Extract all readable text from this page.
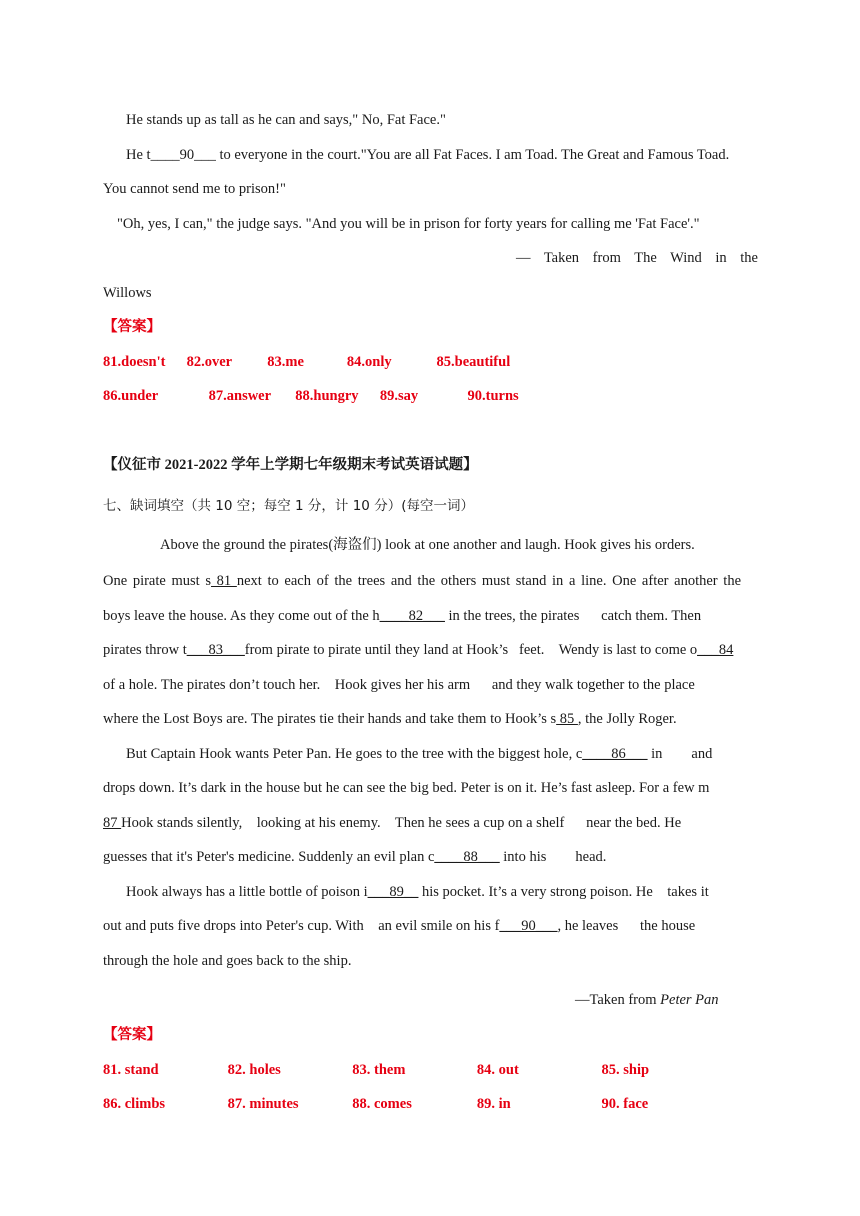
He stands up as tall as he can and says," No, Fat Face."
He t____90___ to everyone in the court."You are all Fat Faces. I am Toad. The Great and Famous Toad.
You cannot send me to prison!"
"Oh, yes, I can," the judge says. "And you will be in prison for forty years for calling me 'Fat Face'."
— Taken from The Wind in the
Willows
【答案】
81.doesn't 82.over 83.me	84.only	85.beautiful
86.under	87.answer 88.hungry 89.say	90.turns
【仪征市 2021-2022 学年上学期七年级期末考试英语试题】
七、缺词填空（共 10 空；每空 1 分，计 10 分）(每空一词）
Above the ground the pirates(海盗们) look at one another and laugh. Hook gives his orders.
One pirate must s 81 next to each of the trees and the others must stand in a line. One after another the
boys leave the house. As they come out of the h____82___ in the trees, the pirates      catch them. Then
pirates throw t___83___from pirate to pirate until they land at Hook’s   feet.    Wendy is last to come o___84
of a hole. The pirates don’t touch her.    Hook gives her his arm      and they walk together to the place
where the Lost Boys are. The pirates tie their hands and take them to Hook’s s 85 , the Jolly Roger.
But Captain Hook wants Peter Pan. He goes to the tree with the biggest hole, c____86___ in        and
drops down. It’s dark in the house but he can see the big bed. Peter is on it. He’s fast asleep. For a few m
87 Hook stands silently,    looking at his enemy.    Then he sees a cup on a shelf      near the bed. He
guesses that it's Peter's medicine. Suddenly an evil plan c____88___ into his        head.
Hook always has a little bottle of poison i___89__ his pocket. It’s a very strong poison. He    takes it
out and puts five drops into Peter's cup. With    an evil smile on his f___90___, he leaves      the house
through the hole and goes back to the ship.
—Taken from Peter Pan
【答案】
81. stand	82. holes	83. them	84. out	85. ship
86. climbs	87. minutes	88. comes	89. in	90. face
